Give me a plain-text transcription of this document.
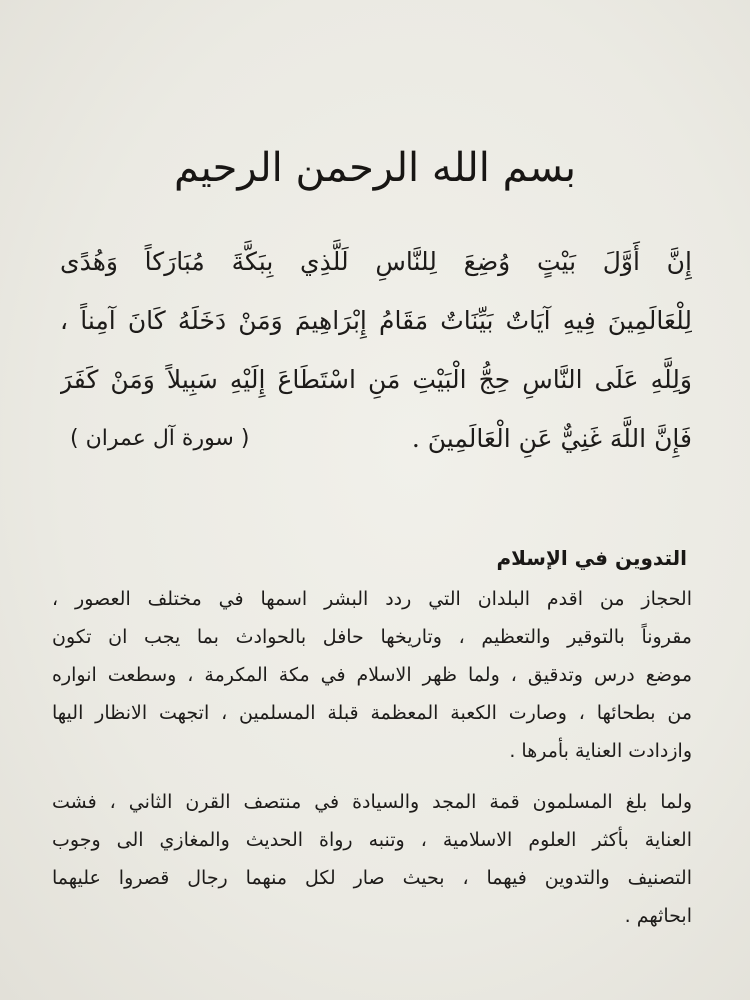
بسم الله الرحمن الرحيم
إِنَّ أَوَّلَ بَيْتٍ وُضِعَ لِلنَّاسِ لَلَّذِي بِبَكَّةَ مُبَارَكاً وَهُدًى
لِلْعَالَمِينَ فِيهِ آيَاتٌ بَيِّنَاتٌ مَقَامُ إِبْرَاهِيمَ وَمَنْ دَخَلَهُ كَانَ آمِناً ،
وَلِلَّهِ عَلَى النَّاسِ حِجُّ الْبَيْتِ مَنِ اسْتَطَاعَ إِلَيْهِ سَبِيلاً وَمَنْ كَفَرَ
فَإِنَّ اللَّهَ غَنِيٌّ عَنِ الْعَالَمِينَ .
( سورة آل عمران )
التدوين في الإسلام
الحجاز من اقدم البلدان التي ردد البشر اسمها في مختلف العصور ،
مقروناً بالتوقير والتعظيم ، وتاريخها حافل بالحوادث بما يجب ان تكون
موضع درس وتدقيق ، ولما ظهر الاسلام في مكة المكرمة ، وسطعت انواره
من بطحائها ، وصارت الكعبة المعظمة قبلة المسلمين ، اتجهت الانظار اليها
وازدادت العناية بأمرها .
ولما بلغ المسلمون قمة المجد والسيادة في منتصف القرن الثاني ، فشت
العناية بأكثر العلوم الاسلامية ، وتنبه رواة الحديث والمغازي الى وجوب
التصنيف والتدوين فيهما ، بحيث صار لكل منهما رجال قصروا عليهما
ابحاثهم .
